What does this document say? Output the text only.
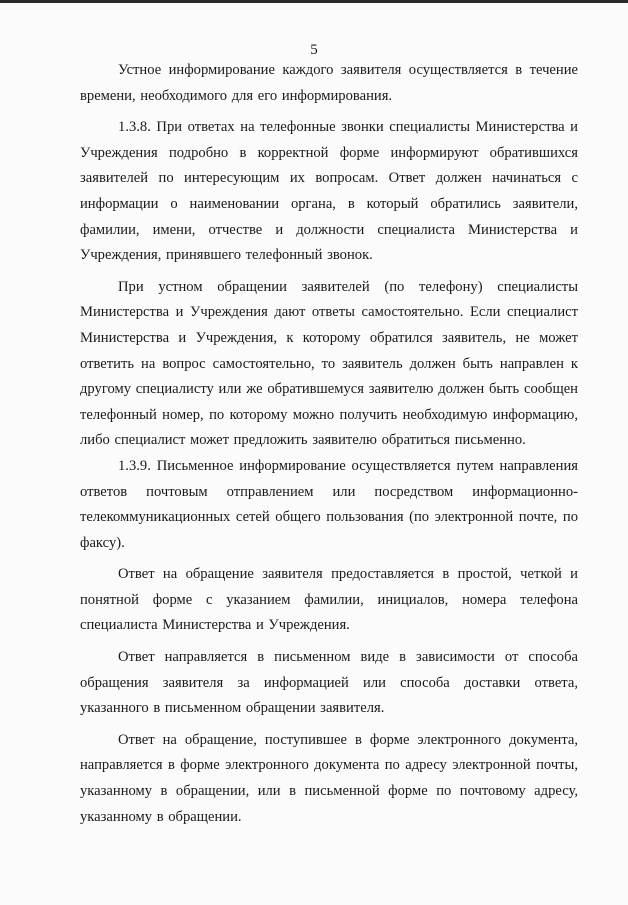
5

Устное информирование каждого заявителя осуществляется в течение времени, необходимого для его информирования.

1.3.8. При ответах на телефонные звонки специалисты Министерства и Учреждения подробно в корректной форме информируют обратившихся заявителей по интересующим их вопросам. Ответ должен начинаться с информации о наименовании органа, в который обратились заявители, фамилии, имени, отчестве и должности специалиста Министерства и Учреждения, принявшего телефонный звонок.

При устном обращении заявителей (по телефону) специалисты Министерства и Учреждения дают ответы самостоятельно. Если специалист Министерства и Учреждения, к которому обратился заявитель, не может ответить на вопрос самостоятельно, то заявитель должен быть направлен к другому специалисту или же обратившемуся заявителю должен быть сообщен телефонный номер, по которому можно получить необходимую информацию, либо специалист может предложить заявителю обратиться письменно.

1.3.9. Письменное информирование осуществляется путем направления ответов почтовым отправлением или посредством информационно-телекоммуникационных сетей общего пользования (по электронной почте, по факсу).

Ответ на обращение заявителя предоставляется в простой, четкой и понятной форме с указанием фамилии, инициалов, номера телефона специалиста Министерства и Учреждения.

Ответ направляется в письменном виде в зависимости от способа обращения заявителя за информацией или способа доставки ответа, указанного в письменном обращении заявителя.

Ответ на обращение, поступившее в форме электронного документа, направляется в форме электронного документа по адресу электронной почты, указанному в обращении, или в письменной форме по почтовому адресу, указанному в обращении.
